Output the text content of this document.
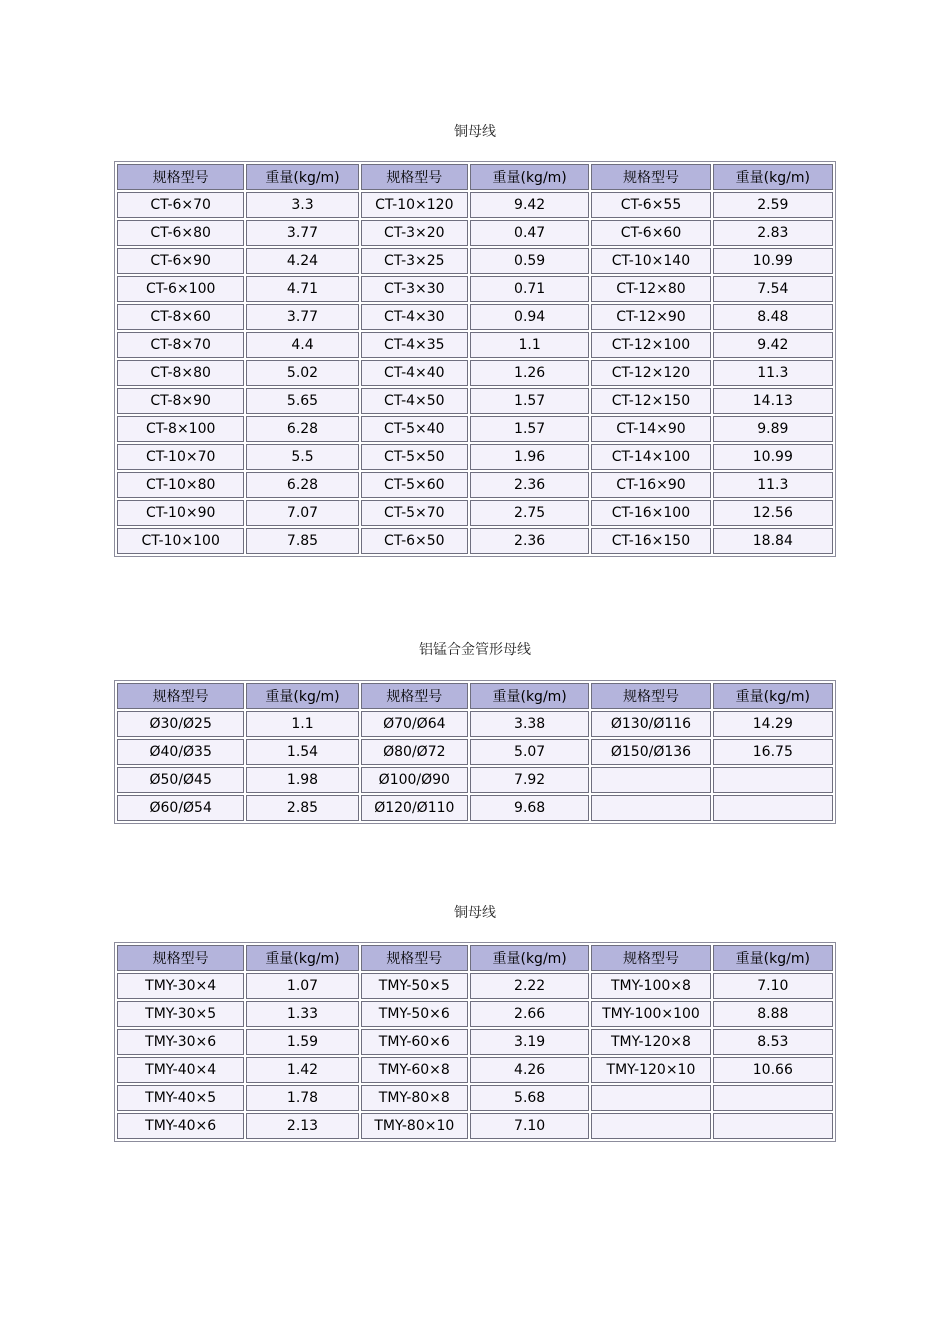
铜母线
规格型号	重量(kg/m)	规格型号	重量(kg/m)	规格型号	重量(kg/m)
CT-6×70	3.3	CT-10×120	9.42	CT-6×55	2.59
CT-6×80	3.77	CT-3×20	0.47	CT-6×60	2.83
CT-6×90	4.24	CT-3×25	0.59	CT-10×140	10.99
CT-6×100	4.71	CT-3×30	0.71	CT-12×80	7.54
CT-8×60	3.77	CT-4×30	0.94	CT-12×90	8.48
CT-8×70	4.4	CT-4×35	1.1	CT-12×100	9.42
CT-8×80	5.02	CT-4×40	1.26	CT-12×120	11.3
CT-8×90	5.65	CT-4×50	1.57	CT-12×150	14.13
CT-8×100	6.28	CT-5×40	1.57	CT-14×90	9.89
CT-10×70	5.5	CT-5×50	1.96	CT-14×100	10.99
CT-10×80	6.28	CT-5×60	2.36	CT-16×90	11.3
CT-10×90	7.07	CT-5×70	2.75	CT-16×100	12.56
CT-10×100	7.85	CT-6×50	2.36	CT-16×150	18.84
铝锰合金管形母线
规格型号	重量(kg/m)	规格型号	重量(kg/m)	规格型号	重量(kg/m)
Ø30/Ø25	1.1	Ø70/Ø64	3.38	Ø130/Ø116	14.29
Ø40/Ø35	1.54	Ø80/Ø72	5.07	Ø150/Ø136	16.75
Ø50/Ø45	1.98	Ø100/Ø90	7.92		
Ø60/Ø54	2.85	Ø120/Ø110	9.68		
铜母线
规格型号	重量(kg/m)	规格型号	重量(kg/m)	规格型号	重量(kg/m)
TMY-30×4	1.07	TMY-50×5	2.22	TMY-100×8	7.10
TMY-30×5	1.33	TMY-50×6	2.66	TMY-100×100	8.88
TMY-30×6	1.59	TMY-60×6	3.19	TMY-120×8	8.53
TMY-40×4	1.42	TMY-60×8	4.26	TMY-120×10	10.66
TMY-40×5	1.78	TMY-80×8	5.68		
TMY-40×6	2.13	TMY-80×10	7.10		
